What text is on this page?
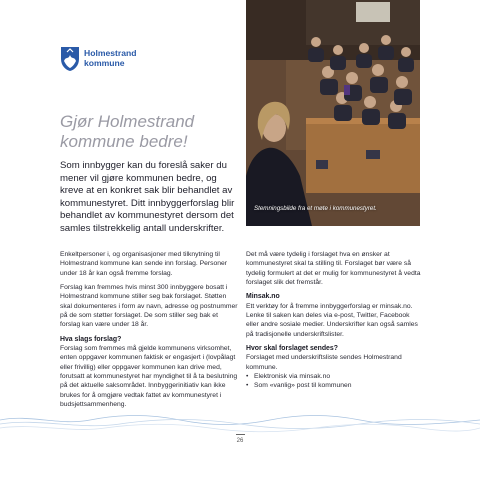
Holmestrand
kommune
Stemningsbilde fra et møte i kommunestyret.
Gjør Holmestrand
kommune bedre!

Som innbygger kan du foreslå saker du mener vil gjøre kommunen bedre, og kreve at en konkret sak blir behandlet av kommunestyret. Ditt innbyggerforslag blir behandlet av kommunestyret dersom det samles tilstrekkelig antall underskrifter.

Enkeltpersoner i, og organisasjoner med tilknytning til Holmestrand kommune kan sende inn forslag. Personer under 18 år kan også fremme forslag.

Forslag kan fremmes hvis minst 300 innbyggere bosatt i Holmestrand kommune stiller seg bak forslaget. Støtten skal dokumenteres i form av navn, adresse og postnummer på de som støtter forslaget. De som stiller seg bak et forslag kan være under 18 år.

Hva slags forslag?

Forslag som fremmes må gjelde kommunens virksomhet, enten oppgaver kommunen faktisk er engasjert i (lovpålagt eller frivillig) eller oppgaver kommunen kan drive med, forutsatt at kommunestyret har myndighet til å ta beslutning på det aktuelle saksområdet. Innbyggerinitiativ kan ikke brukes for å omgjøre vedtak fattet av kommunestyret i budsjettsammenheng.

Det må være tydelig i forslaget hva en ønsker at kommunestyret skal ta stilling til. Forslaget bør være så tydelig formulert at det er mulig for kommunestyret å vedta forslaget slik det fremstår.

Minsak.no

Ett verktøy for å fremme innbyggerforslag er minsak.no. Lenke til saken kan deles via e-post, Twitter, Facebook eller andre sosiale medier. Underskrifter kan også samles på tradisjonelle underskriftslister.

Hvor skal forslaget sendes?

Forslaget med underskriftsliste sendes Holmestrand kommune.

• Elektronisk via minsak.no
• Som «vanlig» post til kommunen
26
